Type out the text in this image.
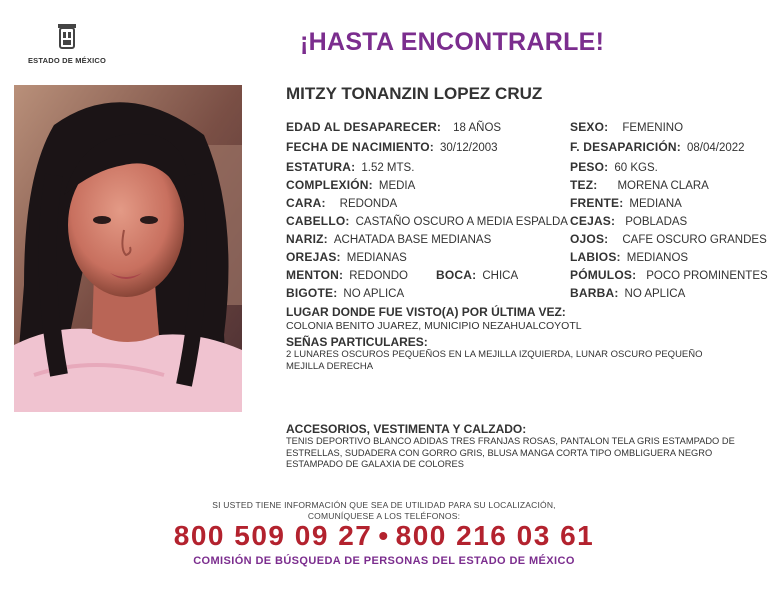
ESTADO DE MÉXICO
¡HASTA ENCONTRARLE!
MITZY TONANZIN LOPEZ CRUZ
EDAD AL DESAPARECER: 18 AÑOS
FECHA DE NACIMIENTO: 30/12/2003
ESTATURA: 1.52 MTS.
COMPLEXIÓN: MEDIA
CARA: REDONDA
CABELLO: CASTAÑO OSCURO A MEDIA ESPALDA
NARIZ: ACHATADA BASE MEDIANAS
OREJAS: MEDIANAS
MENTON: REDONDO BOCA: CHICA
BIGOTE: NO APLICA
SEXO: FEMENINO
F. DESAPARICIÓN: 08/04/2022
PESO: 60 KGS.
TEZ: MORENA CLARA
FRENTE: MEDIANA
CEJAS: POBLADAS
OJOS: CAFE OSCURO GRANDES
LABIOS: MEDIANOS
PÓMULOS: POCO PROMINENTES
BARBA: NO APLICA
LUGAR DONDE FUE VISTO(A) POR ÚLTIMA VEZ:
COLONIA BENITO JUAREZ, MUNICIPIO NEZAHUALCOYOTL
SEÑAS PARTICULARES:
2 LUNARES OSCUROS PEQUEÑOS EN LA MEJILLA IZQUIERDA, LUNAR OSCURO PEQUEÑO MEJILLA DERECHA
ACCESORIOS, VESTIMENTA Y CALZADO:
TENIS DEPORTIVO BLANCO ADIDAS TRES FRANJAS ROSAS, PANTALON TELA GRIS ESTAMPADO DE ESTRELLAS, SUDADERA CON GORRO GRIS, BLUSA MANGA CORTA TIPO OMBLIGUERA NEGRO ESTAMPADO DE GALAXIA DE COLORES
SI USTED TIENE INFORMACIÓN QUE SEA DE UTILIDAD PARA SU LOCALIZACIÓN,
COMUNÍQUESE A LOS TELÉFONOS:
800 509 09 27 • 800 216 03 61
COMISIÓN DE BÚSQUEDA DE PERSONAS DEL ESTADO DE MÉXICO
